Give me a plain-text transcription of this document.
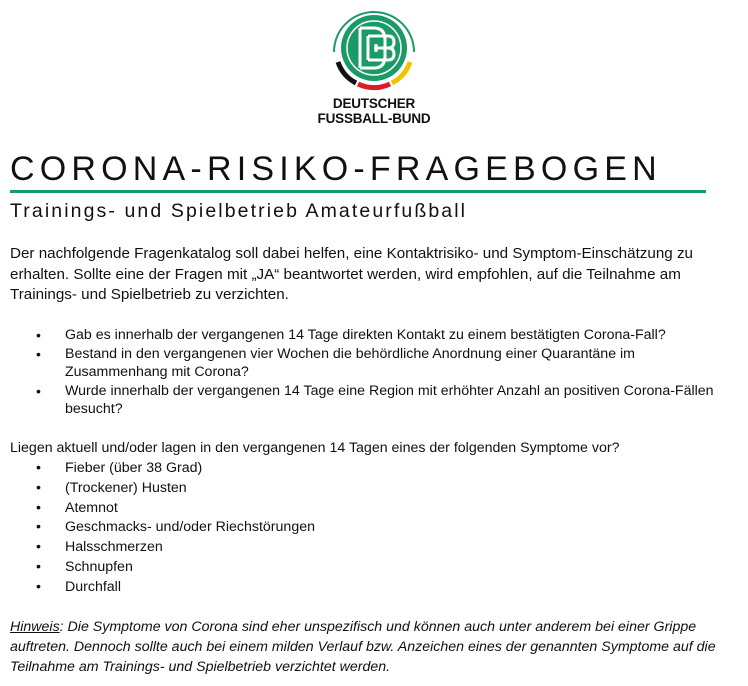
DEUTSCHER
FUSSBALL-BUND
CORONA-RISIKO-FRAGEBOGEN
Trainings- und Spielbetrieb Amateurfußball

Der nachfolgende Fragenkatalog soll dabei helfen, eine Kontaktrisiko- und Symptom-Einschätzung zu erhalten. Sollte eine der Fragen mit „JA“ beantwortet werden, wird empfohlen, auf die Teilnahme am Trainings- und Spielbetrieb zu verzichten.

• Gab es innerhalb der vergangenen 14 Tage direkten Kontakt zu einem bestätigten Corona-Fall?
• Bestand in den vergangenen vier Wochen die behördliche Anordnung einer Quarantäne im Zusammenhang mit Corona?
• Wurde innerhalb der vergangenen 14 Tage eine Region mit erhöhter Anzahl an positiven Corona-Fällen besucht?
Liegen aktuell und/oder lagen in den vergangenen 14 Tagen eines der folgenden Symptome vor?
• Fieber (über 38 Grad)
• (Trockener) Husten
• Atemnot
• Geschmacks- und/oder Riechstörungen
• Halsschmerzen
• Schnupfen
• Durchfall

Hinweis: Die Symptome von Corona sind eher unspezifisch und können auch unter anderem bei einer Grippe auftreten. Dennoch sollte auch bei einem milden Verlauf bzw. Anzeichen eines der genannten Symptome auf die Teilnahme am Trainings- und Spielbetrieb verzichtet werden.
